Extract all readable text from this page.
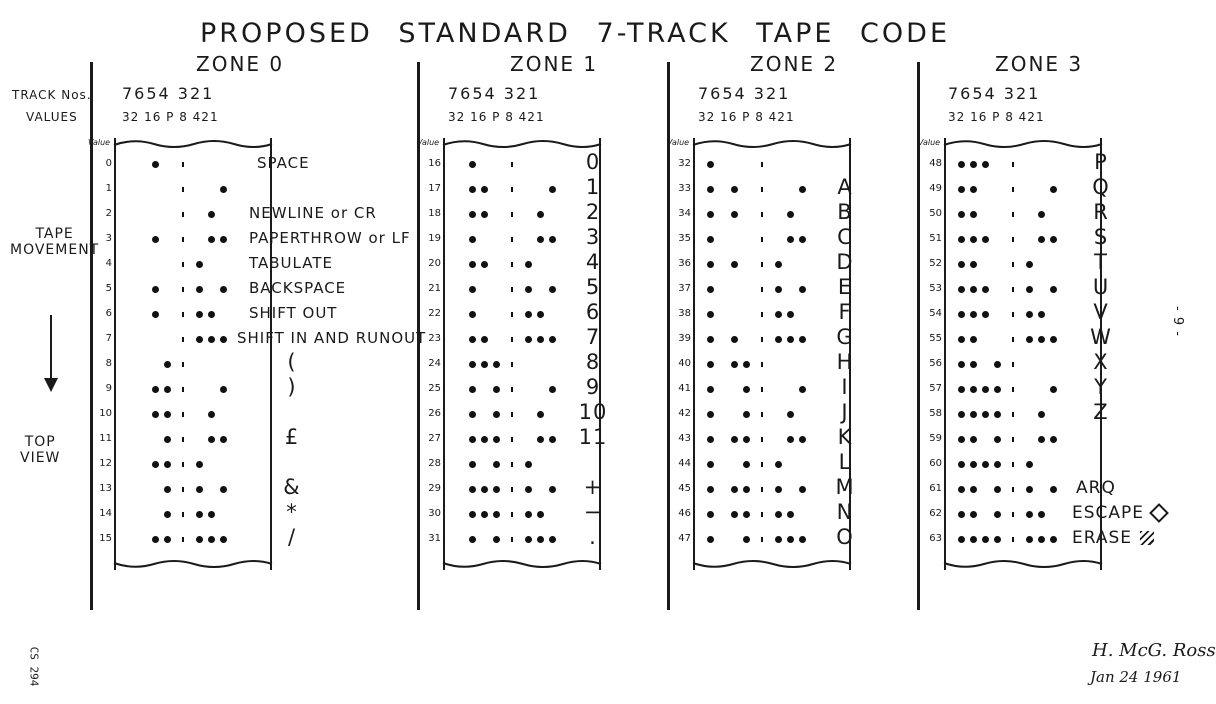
PROPOSED STANDARD 7-TRACK TAPE CODE
TRACK Nos.
VALUES
TAPE
MOVEMENT
TOP
VIEW
ZONE 0
7654 321
32 16 P 8 421
SPACE
NEWLINE or CR
PAPERTHROW or LF
TABULATE
BACKSPACE
SHIFT OUT
SHIFT IN AND RUNOUT
(
)
£
&
*
/
Value
0
1
2
3
4
5
6
7
8
9
10
11
12
13
14
15
ZONE 1
7654 321
32 16 P 8 421
0
1
2
3
4
5
6
7
8
9
10
11
+
−
.
Value
16
17
18
19
20
21
22
23
24
25
26
27
28
29
30
31
ZONE 2
7654 321
32 16 P 8 421
A
B
C
D
E
F
G
H
I
J
K
L
M
N
O
Value
32
33
34
35
36
37
38
39
40
41
42
43
44
45
46
47
ZONE 3
7654 321
32 16 P 8 421
P
Q
R
S
T
U
V
W
X
Y
Z
ARQ
ESCAPE
ERASE
Value
48
49
50
51
52
53
54
55
56
57
58
59
60
61
62
63
- 9 -
CS 294	H. McG. Ross
Jan 24 1961
